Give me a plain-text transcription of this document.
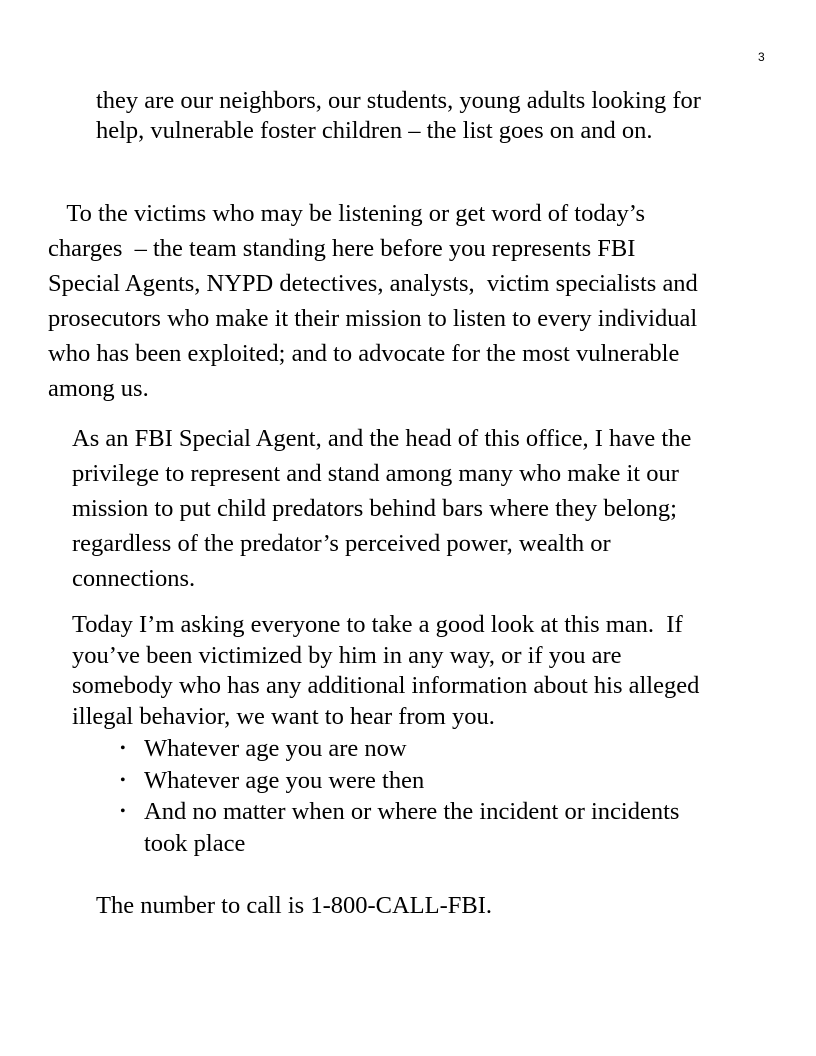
3

they are our neighbors, our students, young adults looking for
help, vulnerable foster children – the list goes on and on.

To the victims who may be listening or get word of today’s
charges  – the team standing here before you represents FBI
Special Agents, NYPD detectives, analysts,  victim specialists and
prosecutors who make it their mission to listen to every individual
who has been exploited; and to advocate for the most vulnerable
among us.

As an FBI Special Agent, and the head of this office, I have the
privilege to represent and stand among many who make it our
mission to put child predators behind bars where they belong;
regardless of the predator’s perceived power, wealth or
connections.

Today I’m asking everyone to take a good look at this man.  If
you’ve been victimized by him in any way, or if you are
somebody who has any additional information about his alleged
illegal behavior, we want to hear from you.

• Whatever age you are now
• Whatever age you were then
• And no matter when or where the incident or incidents
took place

The number to call is 1-800-CALL-FBI.
